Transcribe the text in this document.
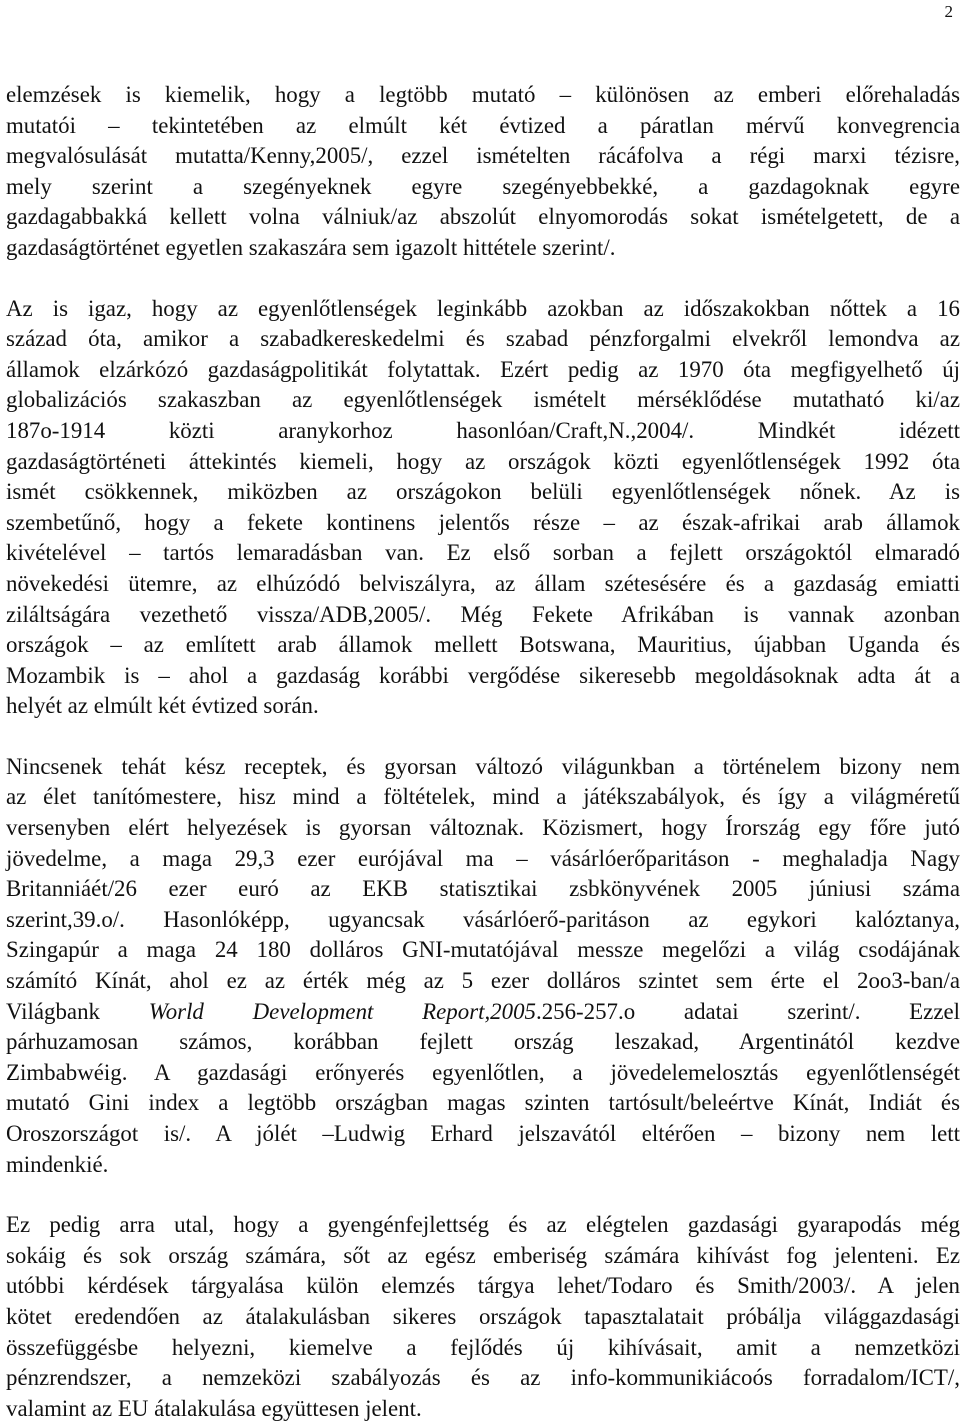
2

elemzések is kiemelik, hogy a legtöbb mutató – különösen az emberi előrehaladás
mutatói – tekintetében az elmúlt két évtized a páratlan mérvű konvegrencia
megvalósulását mutatta/Kenny,2005/, ezzel ismételten rácáfolva a régi marxi tézisre,
mely szerint a szegényeknek egyre szegényebbekké, a gazdagoknak egyre
gazdagabbakká kellett volna válniuk/az abszolút elnyomorodás sokat ismételgetett, de a
gazdaságtörténet egyetlen szakaszára sem igazolt hittétele szerint/.

Az is igaz, hogy az egyenlőtlenségek leginkább azokban az időszakokban nőttek a 16
század óta, amikor a szabadkereskedelmi és szabad pénzforgalmi elvekről lemondva az
államok elzárkózó gazdaságpolitikát folytattak. Ezért pedig az 1970 óta megfigyelhető új
globalizációs szakaszban az egyenlőtlenségek ismételt mérséklődése mutatható ki/az
187o-1914 közti aranykorhoz hasonlóan/Craft,N.,2004/. Mindkét idézett
gazdaságtörténeti áttekintés kiemeli, hogy az országok közti egyenlőtlenségek 1992 óta
ismét csökkennek, miközben az országokon belüli egyenlőtlenségek nőnek. Az is
szembetűnő, hogy a fekete kontinens jelentős része – az észak-afrikai arab államok
kivételével – tartós lemaradásban van. Ez első sorban a fejlett országoktól elmaradó
növekedési ütemre, az elhúzódó belviszályra, az állam szétesésére és a gazdaság emiatti
ziláltságára vezethető vissza/ADB,2005/. Még Fekete Afrikában is vannak azonban
országok – az említett arab államok mellett Botswana, Mauritius, újabban Uganda és
Mozambik is – ahol a gazdaság korábbi vergődése sikeresebb megoldásoknak adta át a
helyét az elmúlt két évtized során.

Nincsenek tehát kész receptek, és gyorsan változó világunkban a történelem bizony nem
az élet tanítómestere, hisz mind a föltételek, mind a játékszabályok, és így a világméretű
versenyben elért helyezések is gyorsan változnak. Közismert, hogy Írország egy főre jutó
jövedelme, a maga 29,3 ezer eurójával ma – vásárlóerőparitáson - meghaladja Nagy
Britanniáét/26 ezer euró az EKB statisztikai zsbkönyvének 2005 júniusi száma
szerint,39.o/. Hasonlóképp, ugyancsak vásárlóerő-paritáson az egykori kalóztanya,
Szingapúr a maga 24 180 dolláros GNI-mutatójával messze megelőzi a világ csodájának
számító Kínát, ahol ez az érték még az 5 ezer dolláros szintet sem érte el 2oo3-ban/a
Világbank World Development Report,2005.256-257.o adatai szerint/. Ezzel
párhuzamosan számos, korábban fejlett ország leszakad, Argentinától kezdve
Zimbabwéig. A gazdasági erőnyerés egyenlőtlen, a jövedelemelosztás egyenlőtlenségét
mutató Gini index a legtöbb országban magas szinten tartósult/beleértve Kínát, Indiát és
Oroszországot is/. A jólét –Ludwig Erhard jelszavától eltérően – bizony nem lett
mindenkié.

Ez pedig arra utal, hogy a gyengénfejlettség és az elégtelen gazdasági gyarapodás még
sokáig és sok ország számára, sőt az egész emberiség számára kihívást fog jelenteni. Ez
utóbbi kérdések tárgyalása külön elemzés tárgya lehet/Todaro és Smith/2003/. A jelen
kötet eredendően az átalakulásban sikeres országok tapasztalatait próbálja világgazdasági
összefüggésbe helyezni, kiemelve a fejlődés új kihívásait, amit a nemzetközi
pénzrendszer, a nemzeközi szabályozás és az info-kommunikiácoós forradalom/ICT/,
valamint az EU átalakulása együttesen jelent.
